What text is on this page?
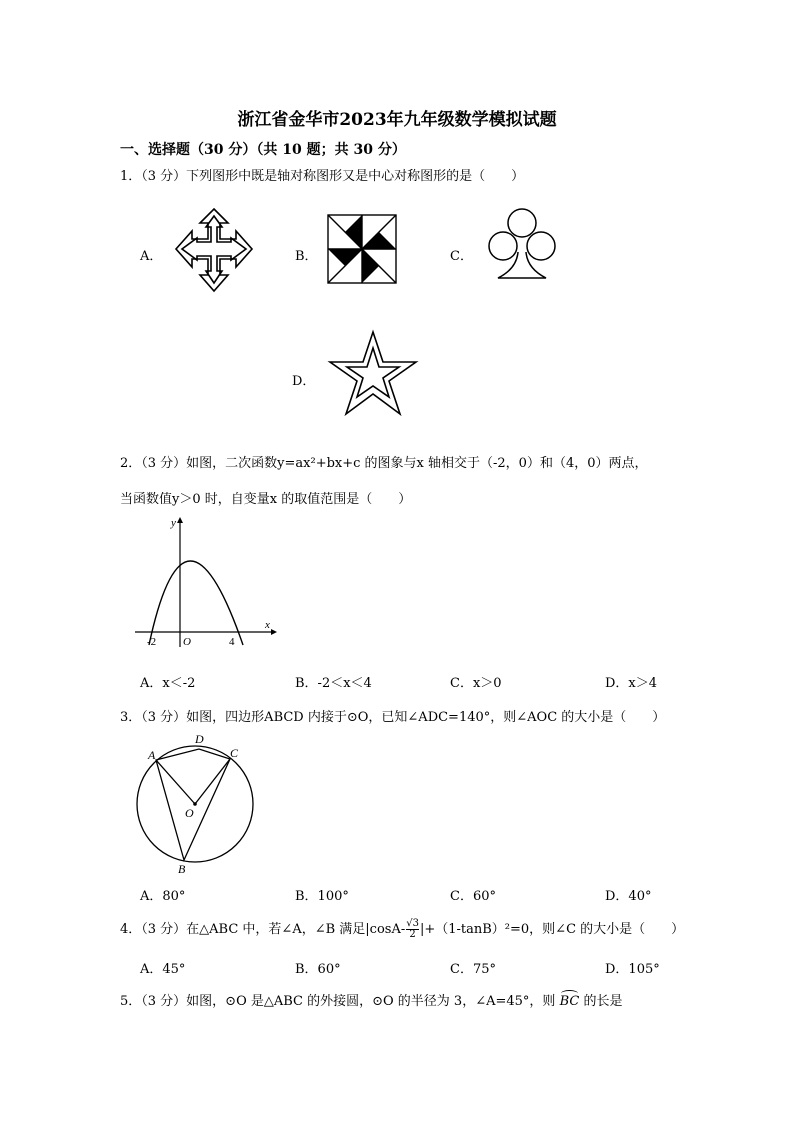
浙江省金华市2023年九年级数学模拟试题
一、选择题（30 分）（共 10 题；共 30 分）
1．（3 分）下列图形中既是轴对称图形又是中心对称图形的是（　　）
A．	B．	C．
D．
2．（3 分）如图，二次函数y=ax²+bx+c 的图象与x 轴相交于（-2，0）和（4，0）两点，
当函数值y＞0 时，自变量x 的取值范围是（　　）
y
x
O
-2	4
A．x＜-2	B．-2＜x＜4	C．x＞0	D．x＞4
3．（3 分）如图，四边形ABCD 内接于⊙O，已知∠ADC=140°，则∠AOC 的大小是（　　）
A
D
C
O
B
A．80°	B．100°	C．60°	D．40°
4．（3 分）在△ABC 中，若∠A，∠B 满足$|\cos A- \frac{√3}{2} |+(1-\tan B)^2=0$，则∠C 的大小是（　　）
A．45°	B．60°	C．75°	D．105°
5．（3 分）如图，⊙O 是△ABC 的外接圆，⊙O 的半径为 3，∠A=45°，则 BC 的长是
